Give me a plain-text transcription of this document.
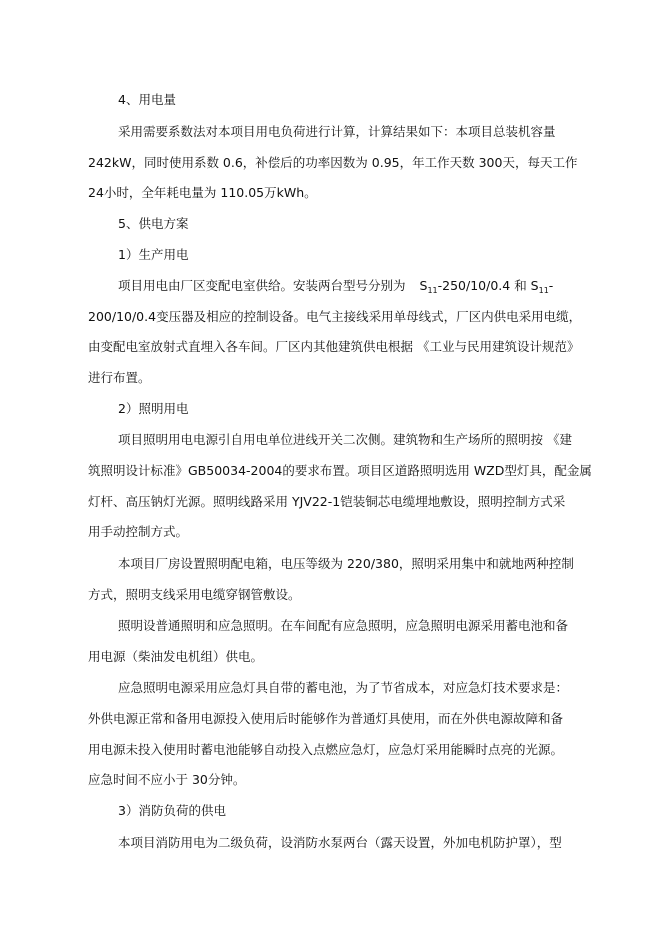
4、用电量
采用需要系数法对本项目用电负荷进行计算，计算结果如下：本项目总装机容量
242kW，同时使用系数 0.6，补偿后的功率因数为 0.95，年工作天数 300天，每天工作
24小时，全年耗电量为 110.05万kWh。
5、供电方案
1）生产用电
项目用电由厂区变配电室供给。安装两台型号分别为 $S_{11}-250/10/0.4$ 和 $S_{11}-$
200/10/0.4变压器及相应的控制设备。电气主接线采用单母线式，厂区内供电采用电缆，
由变配电室放射式直埋入各车间。厂区内其他建筑供电根据 《工业与民用建筑设计规范》
进行布置。
2）照明用电
项目照明用电电源引自用电单位进线开关二次侧。建筑物和生产场所的照明按 《建
筑照明设计标准》GB50034-2004的要求布置。项目区道路照明选用 WZD型灯具，配金属
灯杆、高压钠灯光源。照明线路采用 YJV22-1铠装铜芯电缆埋地敷设，照明控制方式采
用手动控制方式。
本项目厂房设置照明配电箱，电压等级为 220/380，照明采用集中和就地两种控制
方式，照明支线采用电缆穿钢管敷设。
照明设普通照明和应急照明。在车间配有应急照明，应急照明电源采用蓄电池和备
用电源（柴油发电机组）供电。
应急照明电源采用应急灯具自带的蓄电池，为了节省成本，对应急灯技术要求是：
外供电源正常和备用电源投入使用后时能够作为普通灯具使用，而在外供电源故障和备
用电源未投入使用时蓄电池能够自动投入点燃应急灯，应急灯采用能瞬时点亮的光源。
应急时间不应小于 30分钟。
3）消防负荷的供电
本项目消防用电为二级负荷，设消防水泵两台（露天设置，外加电机防护罩），型
